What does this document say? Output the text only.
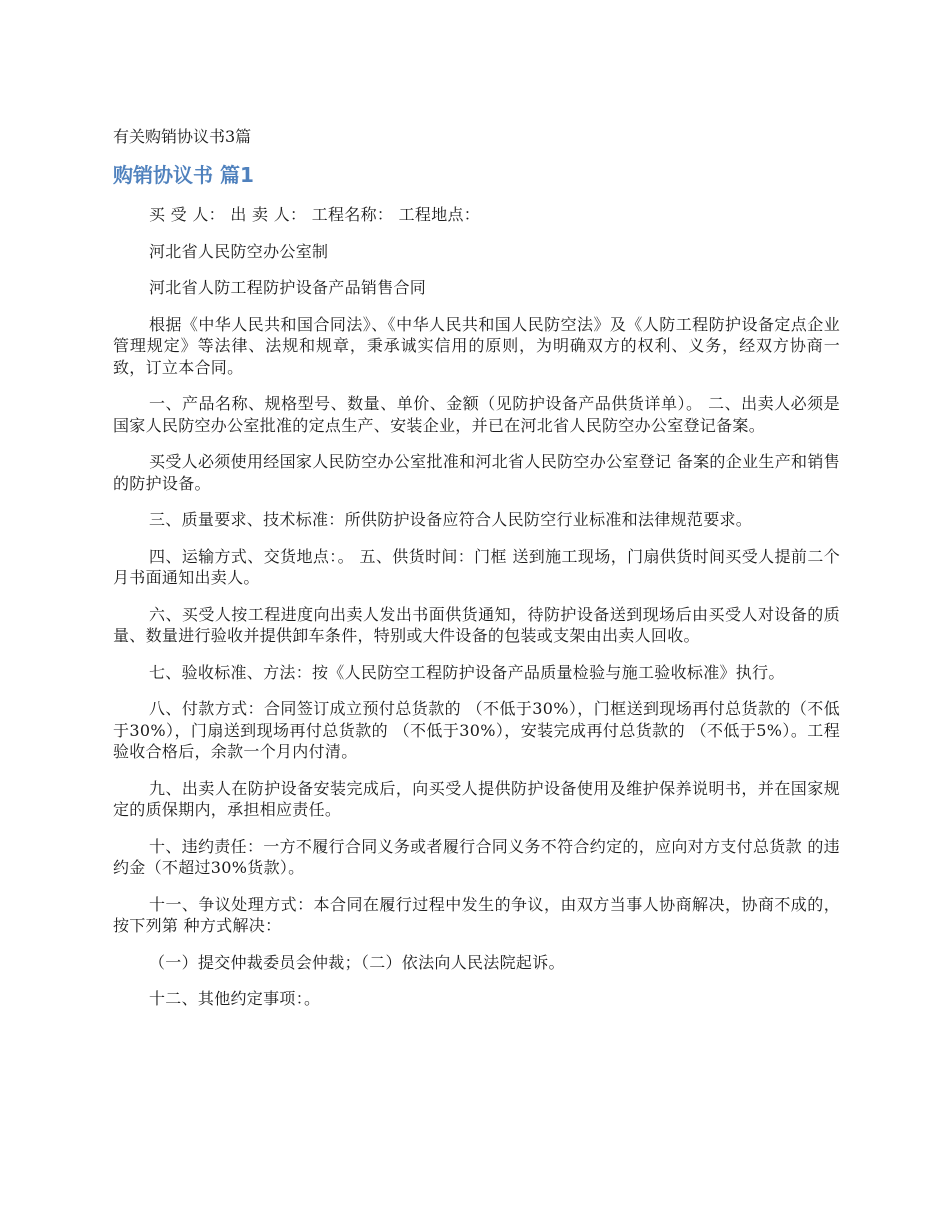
有关购销协议书3篇
购销协议书 篇1

买 受 人： 出 卖 人： 工程名称： 工程地点：

河北省人民防空办公室制

河北省人防工程防护设备产品销售合同

根据《中华人民共和国合同法》、《中华人民共和国人民防空法》及《人防工程防护设备定点企业管理规定》等法律、法规和规章，秉承诚实信用的原则，为明确双方的权利、义务，经双方协商一致，订立本合同。

一、产品名称、规格型号、数量、单价、金额（见防护设备产品供货详单）。 二、出卖人必须是国家人民防空办公室批准的定点生产、安装企业，并已在河北省人民防空办公室登记备案。

买受人必须使用经国家人民防空办公室批准和河北省人民防空办公室登记 备案的企业生产和销售的防护设备。

三、质量要求、技术标准：所供防护设备应符合人民防空行业标准和法律规范要求。

四、运输方式、交货地点：。 五、供货时间：门框 送到施工现场，门扇供货时间买受人提前二个月书面通知出卖人。

六、买受人按工程进度向出卖人发出书面供货通知，待防护设备送到现场后由买受人对设备的质量、数量进行验收并提供卸车条件，特别或大件设备的包装或支架由出卖人回收。

七、验收标准、方法：按《人民防空工程防护设备产品质量检验与施工验收标准》执行。

八、付款方式：合同签订成立预付总货款的 （不低于30%），门框送到现场再付总货款的（不低于30%），门扇送到现场再付总货款的 （不低于30%），安装完成再付总货款的 （不低于5%）。工程验收合格后，余款一个月内付清。

九、出卖人在防护设备安装完成后，向买受人提供防护设备使用及维护保养说明书，并在国家规定的质保期内，承担相应责任。

十、违约责任：一方不履行合同义务或者履行合同义务不符合约定的，应向对方支付总货款 的违约金（不超过30%货款）。

十一、争议处理方式：本合同在履行过程中发生的争议，由双方当事人协商解决，协商不成的，按下列第 种方式解决：

（一）提交仲裁委员会仲裁；（二）依法向人民法院起诉。

十二、其他约定事项：。
